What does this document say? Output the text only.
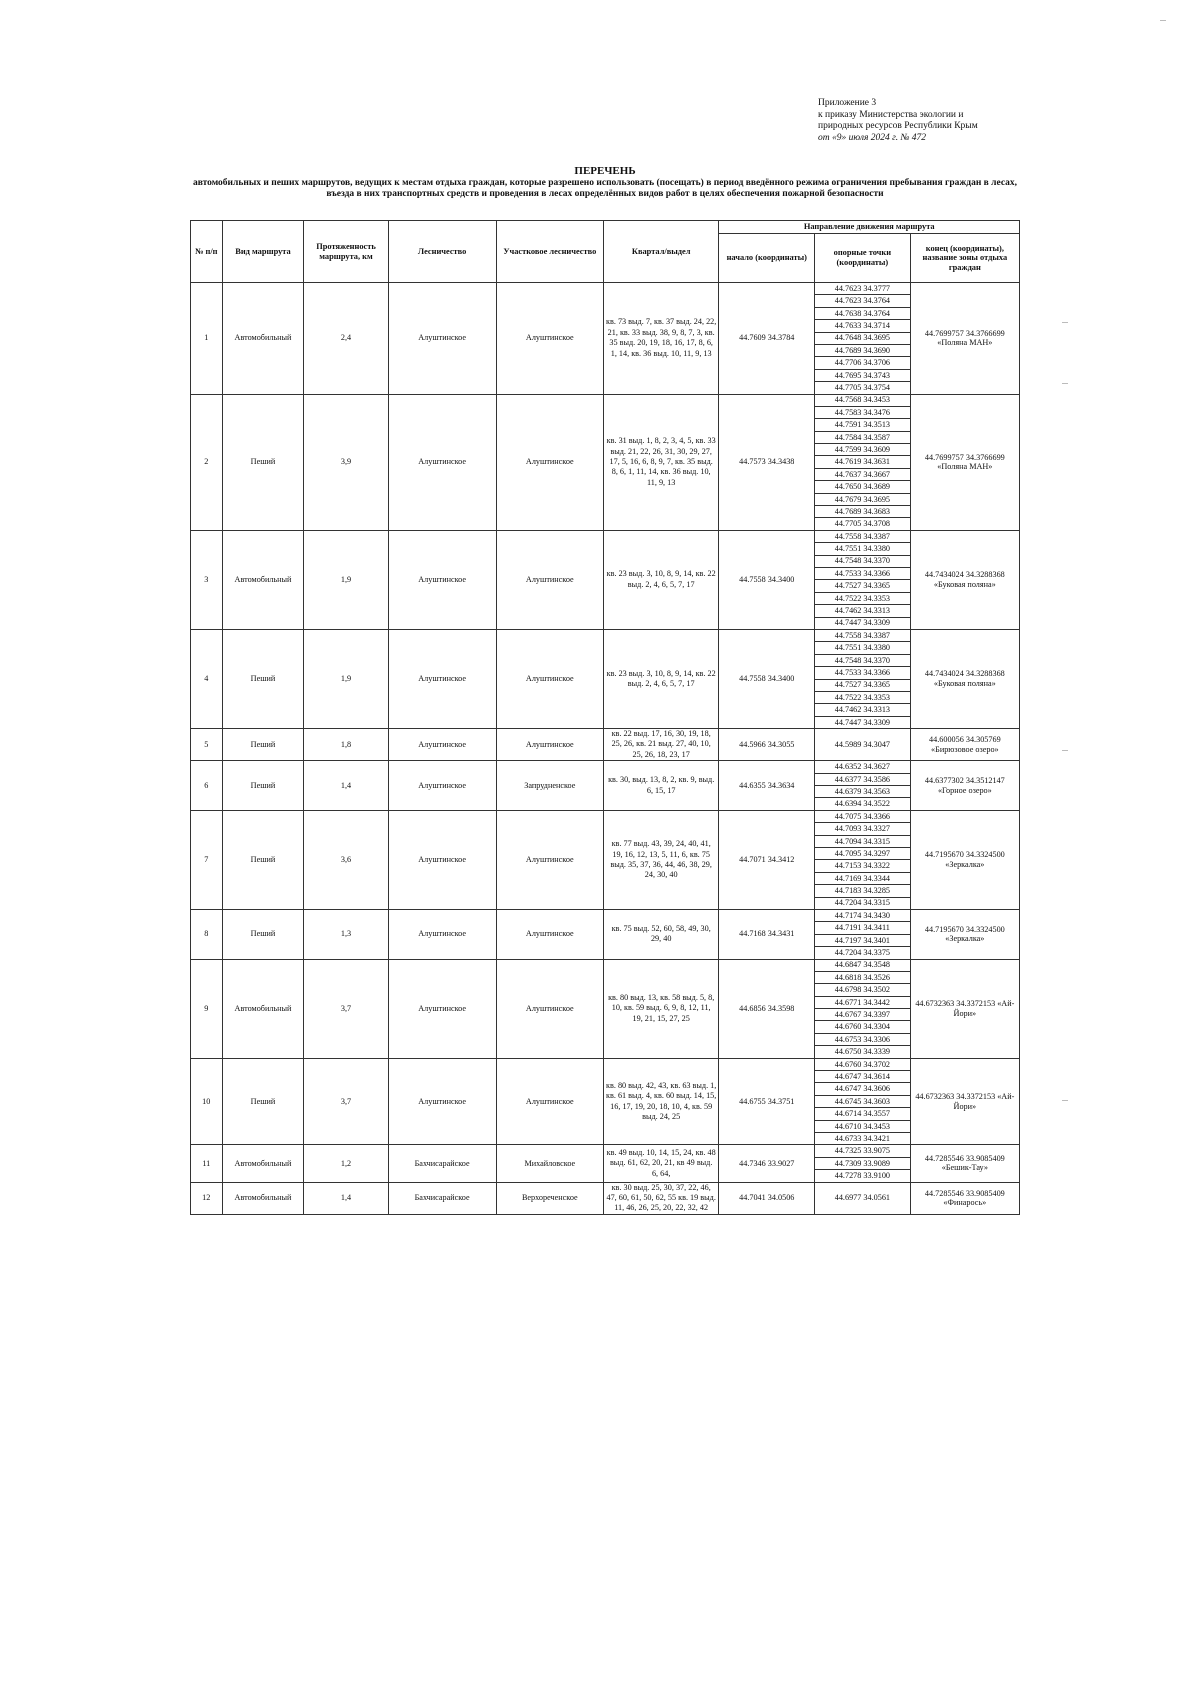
Приложение 3
к приказу Министерства экологии и
природных ресурсов Республики Крым
от «9» июля 2024 г. № 472
ПЕРЕЧЕНЬ
автомобильных и пеших маршрутов, ведущих к местам отдыха граждан, которые разрешено использовать (посещать) в период введённого режима ограничения пребывания граждан в лесах, въезда в них транспортных средств и проведения в лесах определённых видов работ в целях обеспечения пожарной безопасности
№ п/п	Вид маршрута	Протяженность маршрута, км	Лесничество	Участковое лесничество	Квартал/выдел	Направление движения маршрута		
						начало (координаты)	опорные точки (координаты)	конец (координаты), название зоны отдыха граждан
1	Автомобильный	2,4	Алуштинское	Алуштинское	кв. 73 выд. 7, кв. 37 выд. 24, 22, 21, кв. 33 выд. 38, 9, 8, 7, 3, кв. 35 выд. 20, 19, 18, 16, 17, 8, 6, 1, 14, кв. 36 выд. 10, 11, 9, 13	44.7609 34.3784	44.7623 34.3777	44.7699757 34.3766699 «Поляна МАН»
							44.7623 34.3764	
							44.7638 34.3764	
							44.7633 34.3714	
							44.7648 34.3695	
							44.7689 34.3690	
							44.7706 34.3706	
							44.7695 34.3743	
							44.7705 34.3754	
2	Пеший	3,9	Алуштинское	Алуштинское	кв. 31 выд. 1, 8, 2, 3, 4, 5, кв. 33 выд. 21, 22, 26, 31, 30, 29, 27, 17, 5, 16, 6, 8, 9, 7, кв. 35 выд. 8, 6, 1, 11, 14, кв. 36 выд. 10, 11, 9, 13	44.7573 34.3438	44.7568 34.3453	44.7699757 34.3766699 «Поляна МАН»
							44.7583 34.3476	
							44.7591 34.3513	
							44.7584 34.3587	
							44.7599 34.3609	
							44.7619 34.3631	
							44.7637 34.3667	
							44.7650 34.3689	
							44.7679 34.3695	
							44.7689 34.3683	
							44.7705 34.3708	
3	Автомобильный	1,9	Алуштинское	Алуштинское	кв. 23 выд. 3, 10, 8, 9, 14, кв. 22 выд. 2, 4, 6, 5, 7, 17	44.7558 34.3400	44.7558 34.3387	44.7434024 34.3288368 «Буковая поляна»
							44.7551 34.3380	
							44.7548 34.3370	
							44.7533 34.3366	
							44.7527 34.3365	
							44.7522 34.3353	
							44.7462 34.3313	
							44.7447 34.3309	
4	Пеший	1,9	Алуштинское	Алуштинское	кв. 23 выд. 3, 10, 8, 9, 14, кв. 22 выд. 2, 4, 6, 5, 7, 17	44.7558 34.3400	44.7558 34.3387	44.7434024 34.3288368 «Буковая поляна»
							44.7551 34.3380	
							44.7548 34.3370	
							44.7533 34.3366	
							44.7527 34.3365	
							44.7522 34.3353	
							44.7462 34.3313	
							44.7447 34.3309	
5	Пеший	1,8	Алуштинское	Алуштинское	кв. 22 выд. 17, 16, 30, 19, 18, 25, 26, кв. 21 выд. 27, 40, 10, 25, 26, 18, 23, 17	44.5966 34.3055	44.5989 34.3047	44.600056 34.305769 «Бирюзовое озеро»
6	Пеший	1,4	Алуштинское	Запрудненское	кв. 30, выд. 13, 8, 2, кв. 9, выд. 6, 15, 17	44.6355 34.3634	44.6352 34.3627	44.6377302 34.3512147 «Горное озеро»
							44.6377 34.3586	
							44.6379 34.3563	
							44.6394 34.3522	
7	Пеший	3,6	Алуштинское	Алуштинское	кв. 77 выд. 43, 39, 24, 40, 41, 19, 16, 12, 13, 5, 11, 6, кв. 75 выд. 35, 37, 36, 44, 46, 38, 29, 24, 30, 40	44.7071 34.3412	44.7075 34.3366	44.7195670 34.3324500 «Зеркалка»
							44.7093 34.3327	
							44.7094 34.3315	
							44.7095 34.3297	
							44.7153 34.3322	
							44.7169 34.3344	
							44.7183 34.3285	
							44.7204 34.3315	
8	Пеший	1,3	Алуштинское	Алуштинское	кв. 75 выд. 52, 60, 58, 49, 30, 29, 40	44.7168 34.3431	44.7174 34.3430	44.7195670 34.3324500 «Зеркалка»
							44.7191 34.3411	
							44.7197 34.3401	
							44.7204 34.3375	
9	Автомобильный	3,7	Алуштинское	Алуштинское	кв. 80 выд. 13, кв. 58 выд. 5, 8, 10, кв. 59 выд. 6, 9, 8, 12, 11, 19, 21, 15, 27, 25	44.6856 34.3598	44.6847 34.3548	44.6732363 34.3372153 «Ай-Йори»
							44.6818 34.3526	
							44.6798 34.3502	
							44.6771 34.3442	
							44.6767 34.3397	
							44.6760 34.3304	
							44.6753 34.3306	
							44.6750 34.3339	
10	Пеший	3,7	Алуштинское	Алуштинское	кв. 80 выд. 42, 43, кв. 63 выд. 1, кв. 61 выд. 4, кв. 60 выд. 14, 15, 16, 17, 19, 20, 18, 10, 4, кв. 59 выд. 24, 25	44.6755 34.3751	44.6760 34.3702	44.6732363 34.3372153 «Ай-Йори»
							44.6747 34.3614	
							44.6747 34.3606	
							44.6745 34.3603	
							44.6714 34.3557	
							44.6710 34.3453	
							44.6733 34.3421	
11	Автомобильный	1,2	Бахчисарайское	Михайловское	кв. 49 выд. 10, 14, 15, 24, кв. 48 выд. 61, 62, 20, 21, кв 49 выд. 6, 64,	44.7346 33.9027	44.7325 33.9075	44.7285546 33.9085409 «Бешик-Тау»
							44.7309 33.9089	
							44.7278 33.9100	
12	Автомобильный	1,4	Бахчисарайское	Верхореченское	кв. 30 выд. 25, 30, 37, 22, 46, 47, 60, 61, 50, 62, 55 кв. 19 выд. 11, 46, 26, 25, 20, 22, 32, 42	44.7041 34.0506	44.6977 34.0561	44.7285546 33.9085409 «Финарось»
